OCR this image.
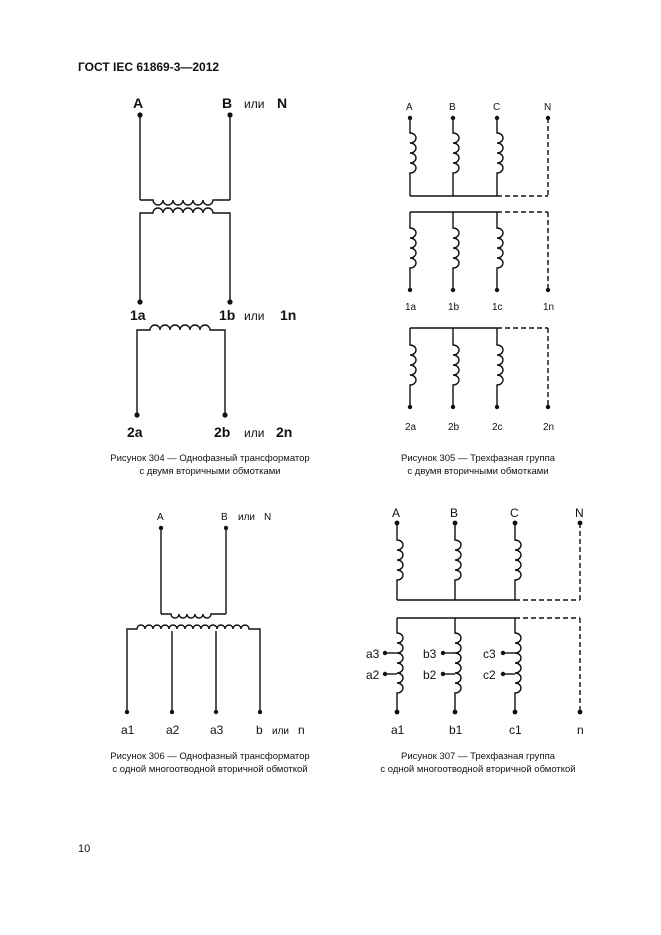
ГОСТ IEC 61869-3—2012
A	B или N
1a	1b или 1n
2a	2b или 2n
A	B	C	N
1a	1b	1c	1n
2a	2b	2c	2n
A	B или N
a1	a2	a3	b или n
A	B	C	N
a3
a2
b3
b2
c3
c2
a1	b1	c1	n
Рисунок 304 — Однофазный трансформатор
с двумя вторичными обмотками
Рисунок 305 — Трехфазная группа
с двумя вторичными обмотками
Рисунок 306 — Однофазный трансформатор
с одной многоотводной вторичной обмоткой
Рисунок 307 — Трехфазная группа
с одной многоотводной вторичной обмоткой
10
